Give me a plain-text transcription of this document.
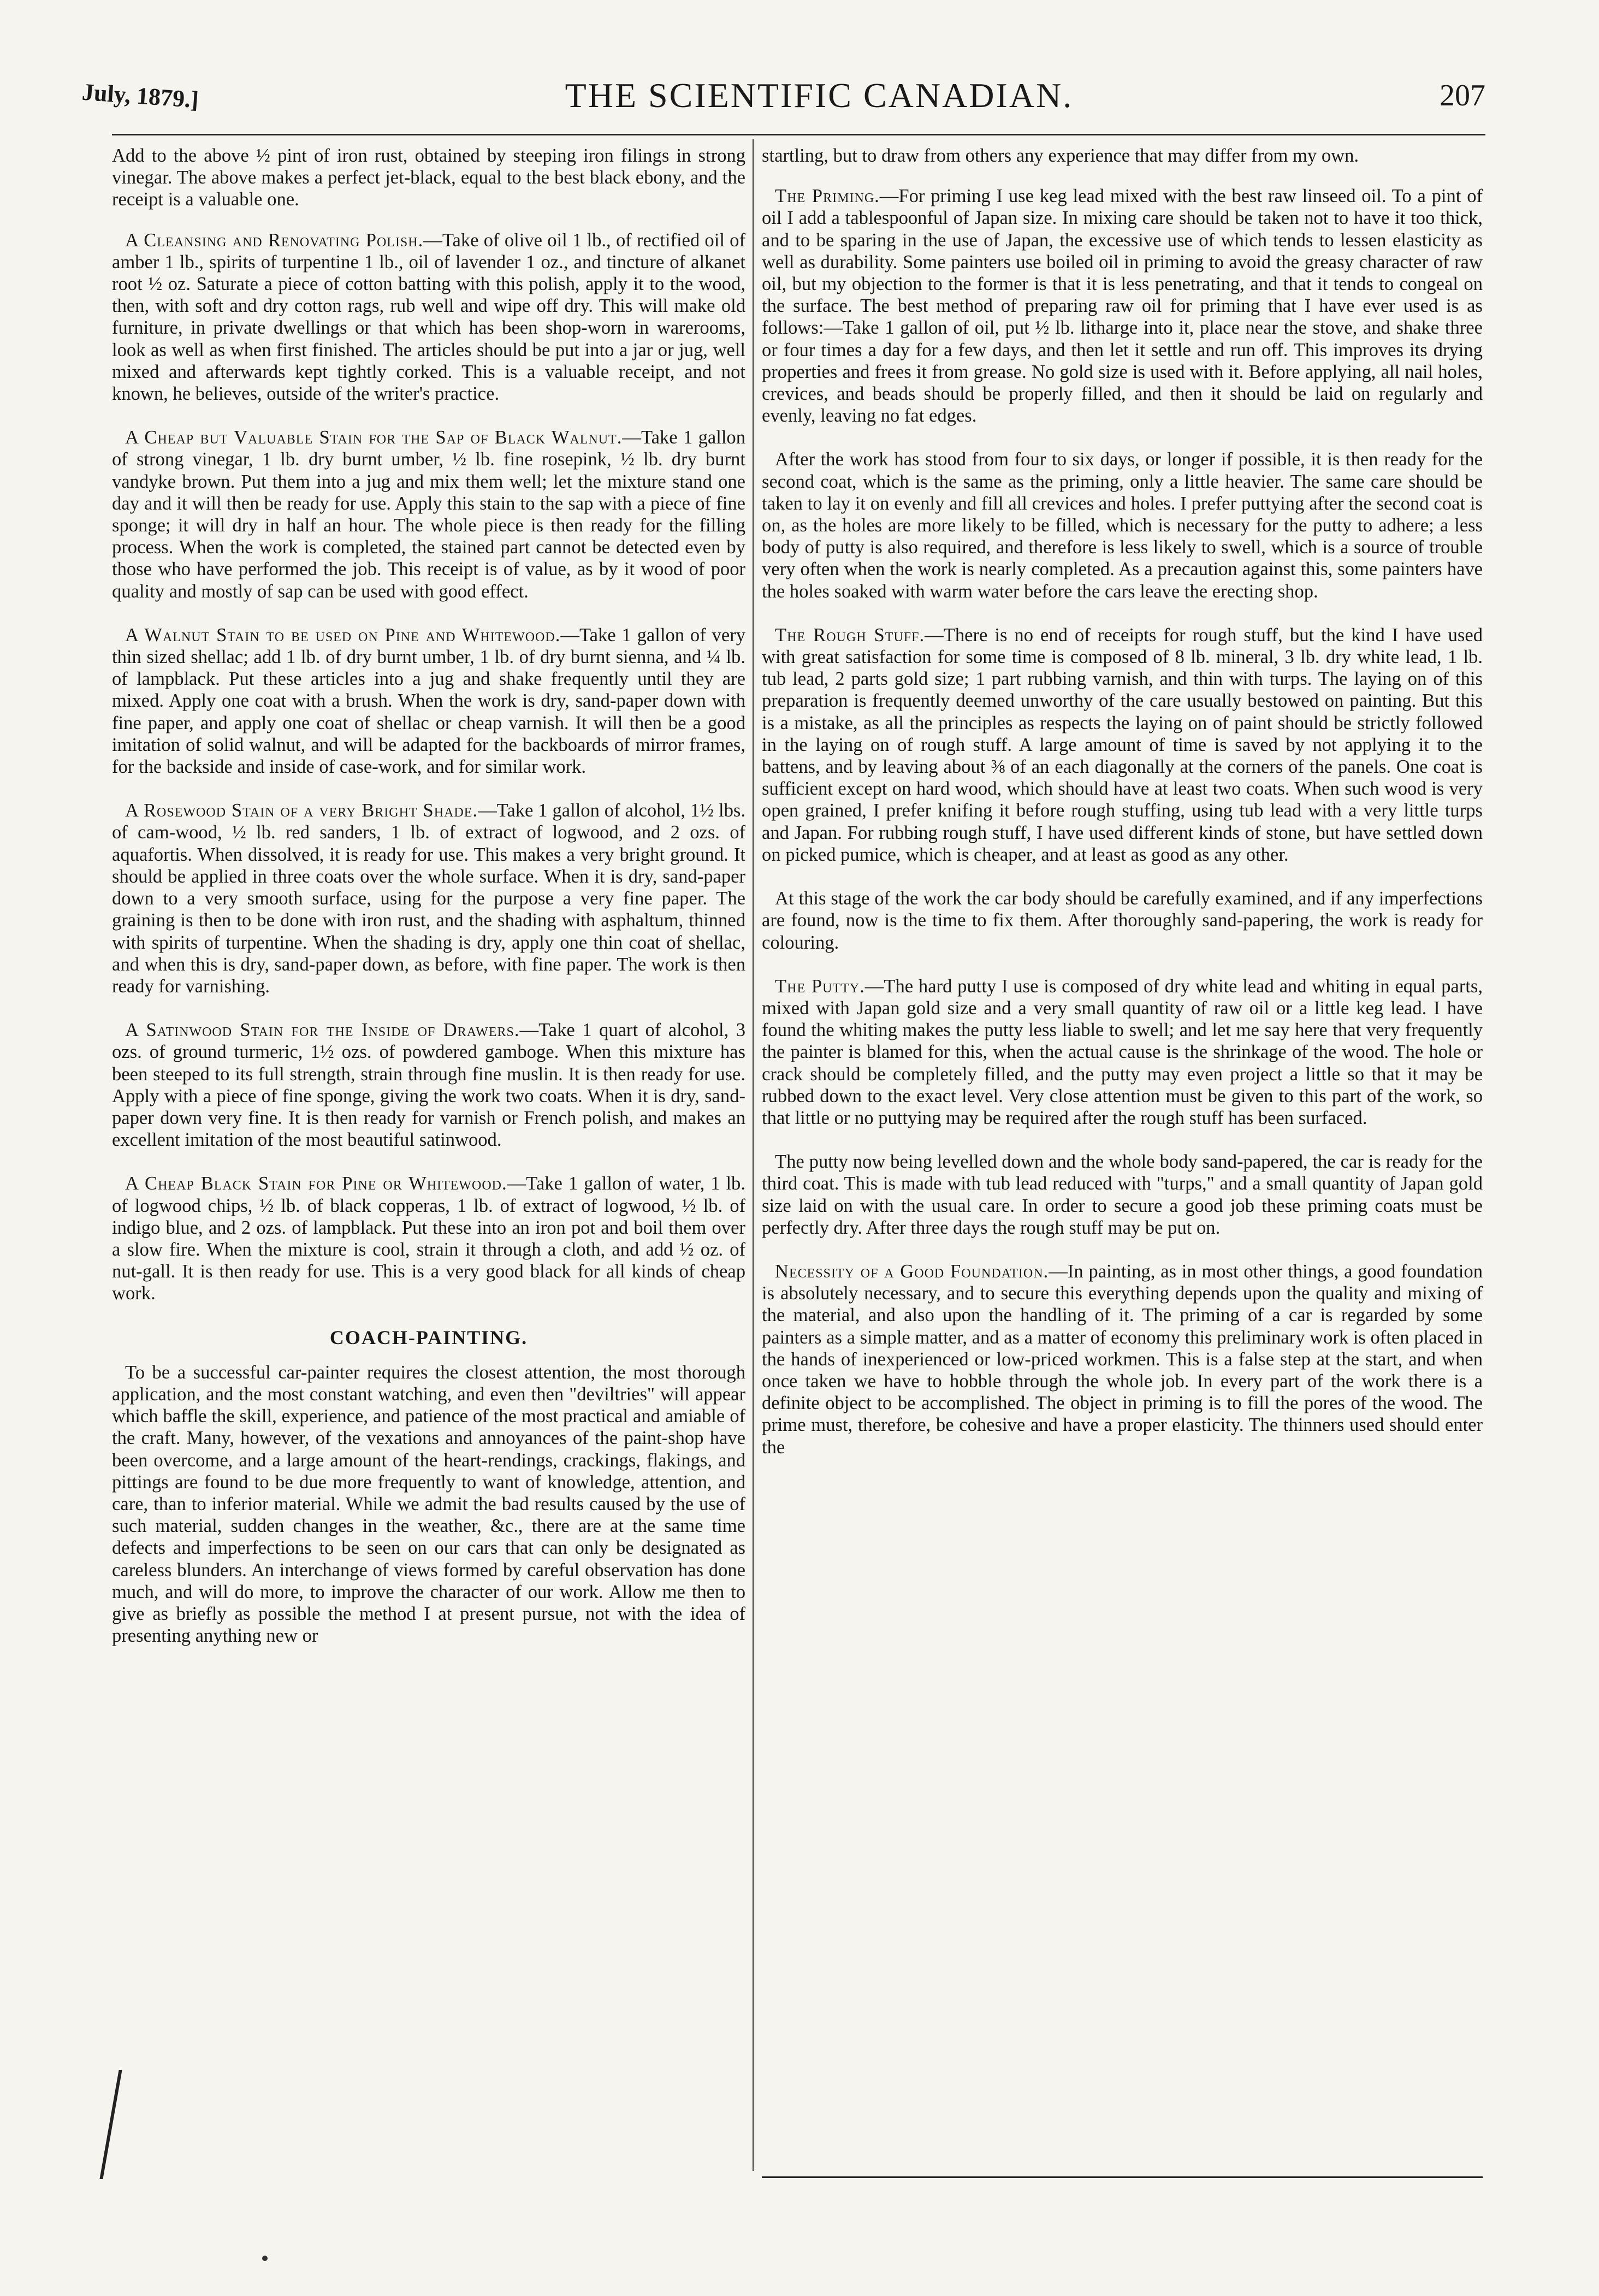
July, 1879.]	THE SCIENTIFIC CANADIAN.	207

Add to the above ½ pint of iron rust, obtained by steeping iron filings in strong vinegar. The above makes a perfect jet-black, equal to the best black ebony, and the receipt is a valuable one.

A Cleansing and Renovating Polish.—Take of olive oil 1 lb., of rectified oil of amber 1 lb., spirits of turpentine 1 lb., oil of lavender 1 oz., and tincture of alkanet root ½ oz. Saturate a piece of cotton batting with this polish, apply it to the wood, then, with soft and dry cotton rags, rub well and wipe off dry. This will make old furniture, in private dwellings or that which has been shop-worn in warerooms, look as well as when first finished. The articles should be put into a jar or jug, well mixed and afterwards kept tightly corked. This is a valuable receipt, and not known, he believes, outside of the writer's practice.

A Cheap but Valuable Stain for the Sap of Black Walnut.—Take 1 gallon of strong vinegar, 1 lb. dry burnt umber, ½ lb. fine rosepink, ½ lb. dry burnt vandyke brown. Put them into a jug and mix them well; let the mixture stand one day and it will then be ready for use. Apply this stain to the sap with a piece of fine sponge; it will dry in half an hour. The whole piece is then ready for the filling process. When the work is completed, the stained part cannot be detected even by those who have performed the job. This receipt is of value, as by it wood of poor quality and mostly of sap can be used with good effect.

A Walnut Stain to be used on Pine and Whitewood.—Take 1 gallon of very thin sized shellac; add 1 lb. of dry burnt umber, 1 lb. of dry burnt sienna, and ¼ lb. of lampblack. Put these articles into a jug and shake frequently until they are mixed. Apply one coat with a brush. When the work is dry, sand-paper down with fine paper, and apply one coat of shellac or cheap varnish. It will then be a good imitation of solid walnut, and will be adapted for the backboards of mirror frames, for the backside and inside of case-work, and for similar work.

A Rosewood Stain of a very Bright Shade.—Take 1 gallon of alcohol, 1½ lbs. of cam-wood, ½ lb. red sanders, 1 lb. of extract of logwood, and 2 ozs. of aquafortis. When dissolved, it is ready for use. This makes a very bright ground. It should be applied in three coats over the whole surface. When it is dry, sand-paper down to a very smooth surface, using for the purpose a very fine paper. The graining is then to be done with iron rust, and the shading with asphaltum, thinned with spirits of turpentine. When the shading is dry, apply one thin coat of shellac, and when this is dry, sand-paper down, as before, with fine paper. The work is then ready for varnishing.

A Satinwood Stain for the Inside of Drawers.—Take 1 quart of alcohol, 3 ozs. of ground turmeric, 1½ ozs. of powdered gamboge. When this mixture has been steeped to its full strength, strain through fine muslin. It is then ready for use. Apply with a piece of fine sponge, giving the work two coats. When it is dry, sand-paper down very fine. It is then ready for varnish or French polish, and makes an excellent imitation of the most beautiful satinwood.

A Cheap Black Stain for Pine or Whitewood.—Take 1 gallon of water, 1 lb. of logwood chips, ½ lb. of black copperas, 1 lb. of extract of logwood, ½ lb. of indigo blue, and 2 ozs. of lampblack. Put these into an iron pot and boil them over a slow fire. When the mixture is cool, strain it through a cloth, and add ½ oz. of nut-gall. It is then ready for use. This is a very good black for all kinds of cheap work.

COACH-PAINTING.

To be a successful car-painter requires the closest attention, the most thorough application, and the most constant watching, and even then "deviltries" will appear which baffle the skill, experience, and patience of the most practical and amiable of the craft. Many, however, of the vexations and annoyances of the paint-shop have been overcome, and a large amount of the heart-rendings, crackings, flakings, and pittings are found to be due more frequently to want of knowledge, attention, and care, than to inferior material. While we admit the bad results caused by the use of such material, sudden changes in the weather, &c., there are at the same time defects and imperfections to be seen on our cars that can only be designated as careless blunders. An interchange of views formed by careful observation has done much, and will do more, to improve the character of our work. Allow me then to give as briefly as possible the method I at present pursue, not with the idea of presenting anything new or

startling, but to draw from others any experience that may differ from my own.

The Priming.—For priming I use keg lead mixed with the best raw linseed oil. To a pint of oil I add a tablespoonful of Japan size. In mixing care should be taken not to have it too thick, and to be sparing in the use of Japan, the excessive use of which tends to lessen elasticity as well as durability. Some painters use boiled oil in priming to avoid the greasy character of raw oil, but my objection to the former is that it is less penetrating, and that it tends to congeal on the surface. The best method of preparing raw oil for priming that I have ever used is as follows:—Take 1 gallon of oil, put ½ lb. litharge into it, place near the stove, and shake three or four times a day for a few days, and then let it settle and run off. This improves its drying properties and frees it from grease. No gold size is used with it. Before applying, all nail holes, crevices, and beads should be properly filled, and then it should be laid on regularly and evenly, leaving no fat edges.

After the work has stood from four to six days, or longer if possible, it is then ready for the second coat, which is the same as the priming, only a little heavier. The same care should be taken to lay it on evenly and fill all crevices and holes. I prefer puttying after the second coat is on, as the holes are more likely to be filled, which is necessary for the putty to adhere; a less body of putty is also required, and therefore is less likely to swell, which is a source of trouble very often when the work is nearly completed. As a precaution against this, some painters have the holes soaked with warm water before the cars leave the erecting shop.

The Rough Stuff.—There is no end of receipts for rough stuff, but the kind I have used with great satisfaction for some time is composed of 8 lb. mineral, 3 lb. dry white lead, 1 lb. tub lead, 2 parts gold size; 1 part rubbing varnish, and thin with turps. The laying on of this preparation is frequently deemed unworthy of the care usually bestowed on painting. But this is a mistake, as all the principles as respects the laying on of paint should be strictly followed in the laying on of rough stuff. A large amount of time is saved by not applying it to the battens, and by leaving about ⅜ of an each diagonally at the corners of the panels. One coat is sufficient except on hard wood, which should have at least two coats. When such wood is very open grained, I prefer knifing it before rough stuffing, using tub lead with a very little turps and Japan. For rubbing rough stuff, I have used different kinds of stone, but have settled down on picked pumice, which is cheaper, and at least as good as any other.

At this stage of the work the car body should be carefully examined, and if any imperfections are found, now is the time to fix them. After thoroughly sand-papering, the work is ready for colouring.

The Putty.—The hard putty I use is composed of dry white lead and whiting in equal parts, mixed with Japan gold size and a very small quantity of raw oil or a little keg lead. I have found the whiting makes the putty less liable to swell; and let me say here that very frequently the painter is blamed for this, when the actual cause is the shrinkage of the wood. The hole or crack should be completely filled, and the putty may even project a little so that it may be rubbed down to the exact level. Very close attention must be given to this part of the work, so that little or no puttying may be required after the rough stuff has been surfaced.

The putty now being levelled down and the whole body sand-papered, the car is ready for the third coat. This is made with tub lead reduced with "turps," and a small quantity of Japan gold size laid on with the usual care. In order to secure a good job these priming coats must be perfectly dry. After three days the rough stuff may be put on.

Necessity of a Good Foundation.—In painting, as in most other things, a good foundation is absolutely necessary, and to secure this everything depends upon the quality and mixing of the material, and also upon the handling of it. The priming of a car is regarded by some painters as a simple matter, and as a matter of economy this preliminary work is often placed in the hands of inexperienced or low-priced workmen. This is a false step at the start, and when once taken we have to hobble through the whole job. In every part of the work there is a definite object to be accomplished. The object in priming is to fill the pores of the wood. The prime must, therefore, be cohesive and have a proper elasticity. The thinners used should enter the
